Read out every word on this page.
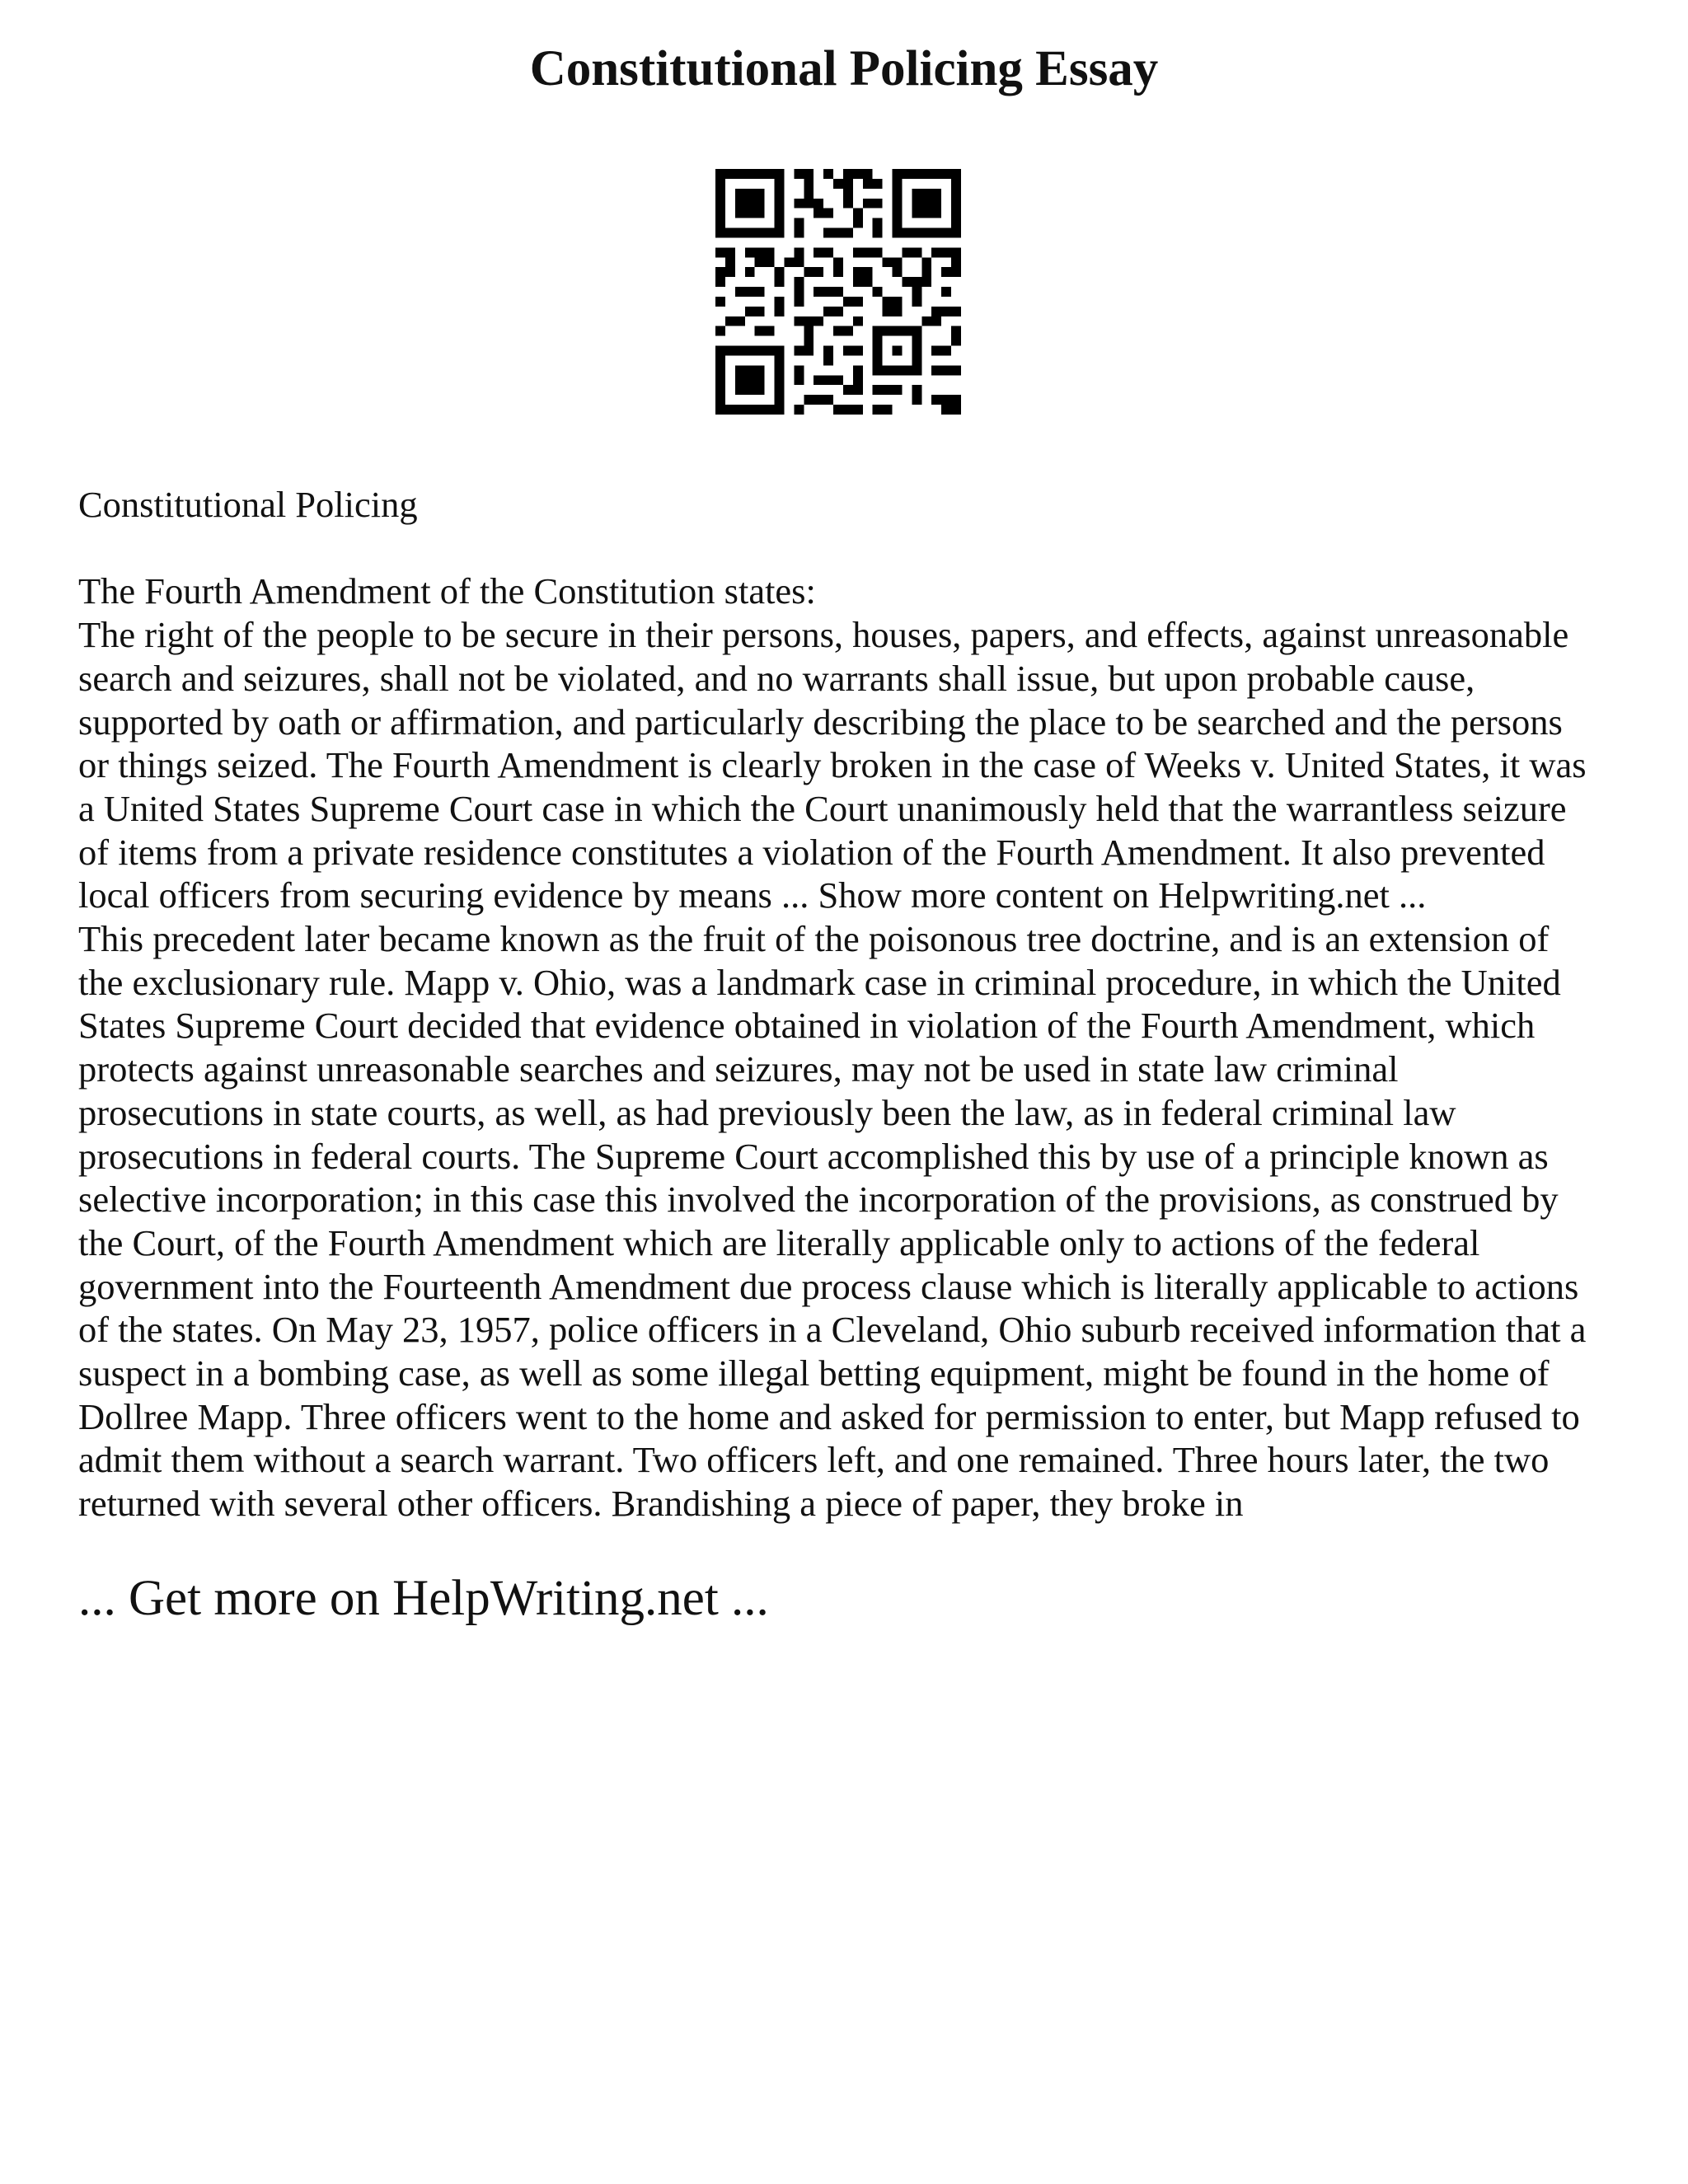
Constitutional Policing Essay

Constitutional Policing

The Fourth Amendment of the Constitution states:

The right of the people to be secure in their persons, houses, papers, and effects, against unreasonable
search and seizures, shall not be violated, and no warrants shall issue, but upon probable cause,
supported by oath or affirmation, and particularly describing the place to be searched and the persons
or things seized. The Fourth Amendment is clearly broken in the case of Weeks v. United States, it was
a United States Supreme Court case in which the Court unanimously held that the warrantless seizure
of items from a private residence constitutes a violation of the Fourth Amendment. It also prevented
local officers from securing evidence by means ... Show more content on Helpwriting.net ...

This precedent later became known as the fruit of the poisonous tree doctrine, and is an extension of
the exclusionary rule. Mapp v. Ohio, was a landmark case in criminal procedure, in which the United
States Supreme Court decided that evidence obtained in violation of the Fourth Amendment, which
protects against unreasonable searches and seizures, may not be used in state law criminal
prosecutions in state courts, as well, as had previously been the law, as in federal criminal law
prosecutions in federal courts. The Supreme Court accomplished this by use of a principle known as
selective incorporation; in this case this involved the incorporation of the provisions, as construed by
the Court, of the Fourth Amendment which are literally applicable only to actions of the federal
government into the Fourteenth Amendment due process clause which is literally applicable to actions
of the states. On May 23, 1957, police officers in a Cleveland, Ohio suburb received information that a
suspect in a bombing case, as well as some illegal betting equipment, might be found in the home of
Dollree Mapp. Three officers went to the home and asked for permission to enter, but Mapp refused to
admit them without a search warrant. Two officers left, and one remained. Three hours later, the two
returned with several other officers. Brandishing a piece of paper, they broke in

... Get more on HelpWriting.net ...
